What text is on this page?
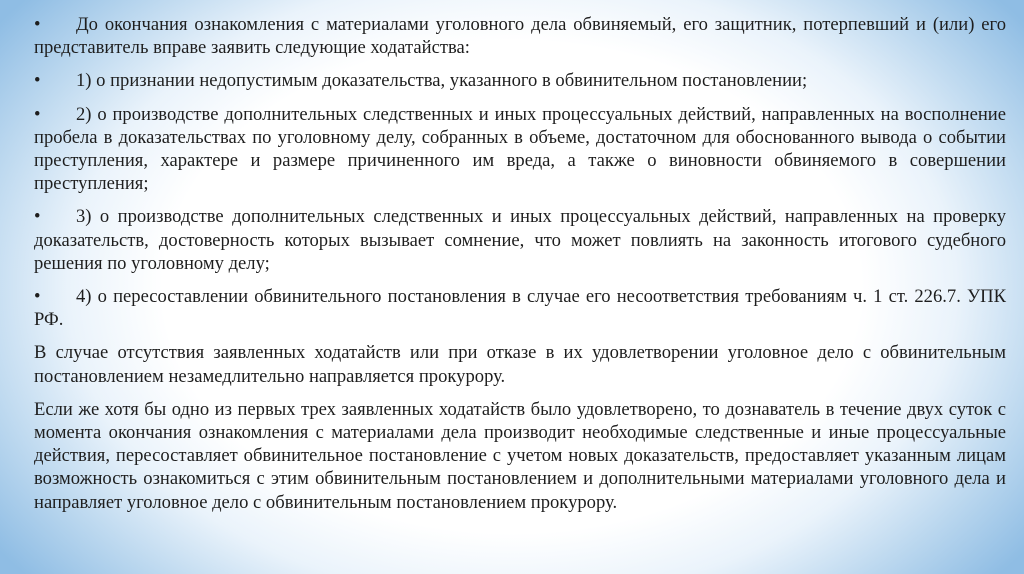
• До окончания ознакомления с материалами уголовного дела обвиняемый, его защитник, потерпевший и (или) его представитель вправе заявить следующие ходатайства:

• 1) о признании недопустимым доказательства, указанного в обвинительном постановлении;

• 2) о производстве дополнительных следственных и иных процессуальных действий, направленных на восполнение пробела в доказательствах по уголовному делу, собранных в объеме, достаточном для обоснованного вывода о событии преступления, характере и размере причиненного им вреда, а также о виновности обвиняемого в совершении преступления;

• 3) о производстве дополнительных следственных и иных процессуальных действий, направленных на проверку доказательств, достоверность которых вызывает сомнение, что может повлиять на законность итогового судебного решения по уголовному делу;

• 4) о пересоставлении обвинительного постановления в случае его несоответствия требованиям ч. 1 ст. 226.7. УПК РФ.

В случае отсутствия заявленных ходатайств или при отказе в их удовлетворении уголовное дело с обвинительным постановлением незамедлительно направляется прокурору.

Если же хотя бы одно из первых трех заявленных ходатайств было удовлетворено, то дознаватель в течение двух суток с момента окончания ознакомления с материалами дела производит необходимые следственные и иные процессуальные действия, пересоставляет обвинительное постановление с учетом новых доказательств, предоставляет указанным лицам возможность ознакомиться с этим обвинительным постановлением и дополнительными материалами уголовного дела и направляет уголовное дело с обвинительным постановлением прокурору.
